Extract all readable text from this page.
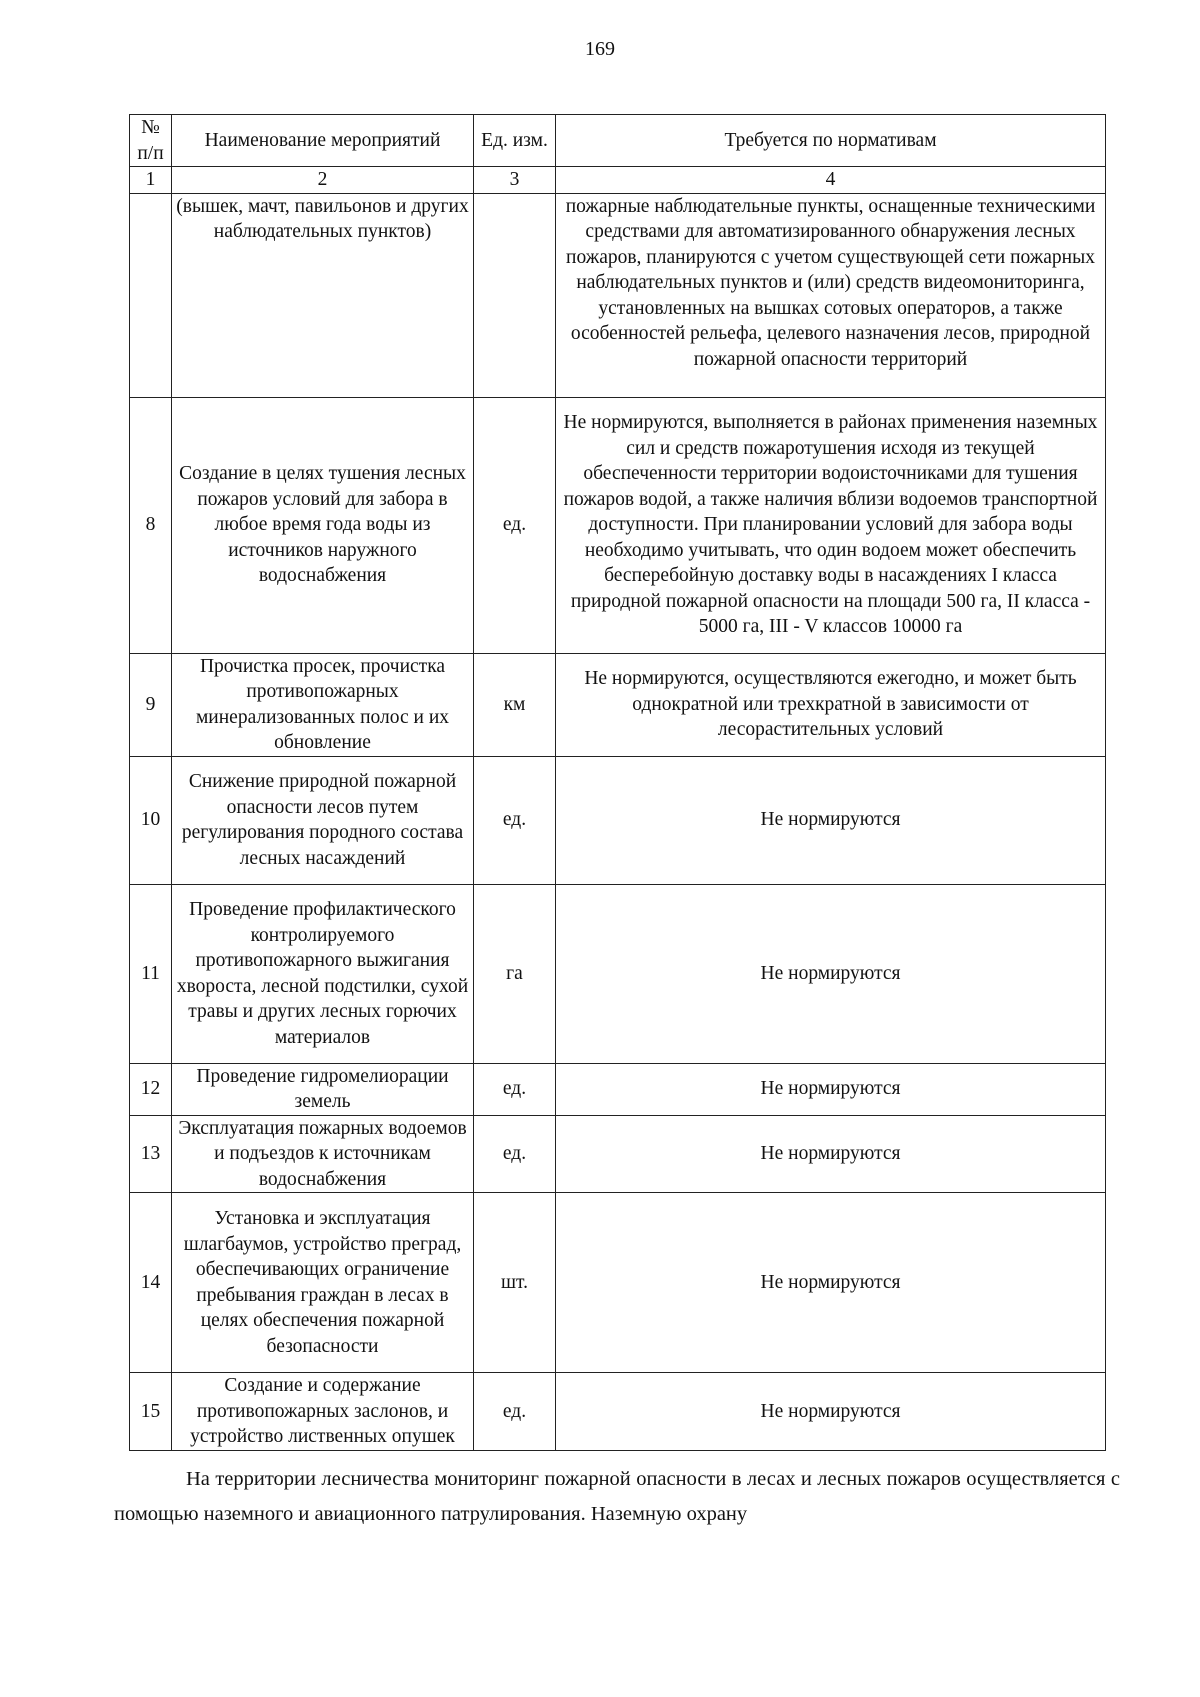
169
№ п/п	Наименование мероприятий	Ед. изм.	Требуется по нормативам
1	2	3	4
	(вышек, мачт, павильонов и других наблюдательных пунктов)		пожарные наблюдательные пункты, оснащенные техническими средствами для автоматизированного обнаружения лесных пожаров, планируются с учетом существующей сети пожарных наблюдательных пунктов и (или) средств видеомониторинга, установленных на вышках сотовых операторов, а также особенностей рельефа, целевого назначения лесов, природной пожарной опасности территорий
8	Создание в целях тушения лесных пожаров условий для забора в любое время года воды из источников наружного водоснабжения	ед.	Не нормируются, выполняется в районах применения наземных сил и средств пожаротушения исходя из текущей обеспеченности территории водоисточниками для тушения пожаров водой, а также наличия вблизи водоемов транспортной доступности. При планировании условий для забора воды необходимо учитывать, что один водоем может обеспечить бесперебойную доставку воды в насаждениях I класса природной пожарной опасности на площади 500 га, II класса - 5000 га, III - V классов 10000 га
9	Прочистка просек, прочистка противопожарных минерализованных полос и их обновление	км	Не нормируются, осуществляются ежегодно, и может быть однократной или трехкратной в зависимости от лесорастительных условий
10	Снижение природной пожарной опасности лесов путем регулирования породного состава лесных насаждений	ед.	Не нормируются
11	Проведение профилактического контролируемого противопожарного выжигания хвороста, лесной подстилки, сухой травы и других лесных горючих материалов	га	Не нормируются
12	Проведение гидромелиорации земель	ед.	Не нормируются
13	Эксплуатация пожарных водоемов и подъездов к источникам водоснабжения	ед.	Не нормируются
14	Установка и эксплуатация шлагбаумов, устройство преград, обеспечивающих ограничение пребывания граждан в лесах в целях обеспечения пожарной безопасности	шт.	Не нормируются
15	Создание и содержание противопожарных заслонов, и устройство лиственных опушек	ед.	Не нормируются

На территории лесничества мониторинг пожарной опасности в лесах и лесных пожаров осуществляется с помощью наземного и авиационного патрулирования. Наземную охрану
